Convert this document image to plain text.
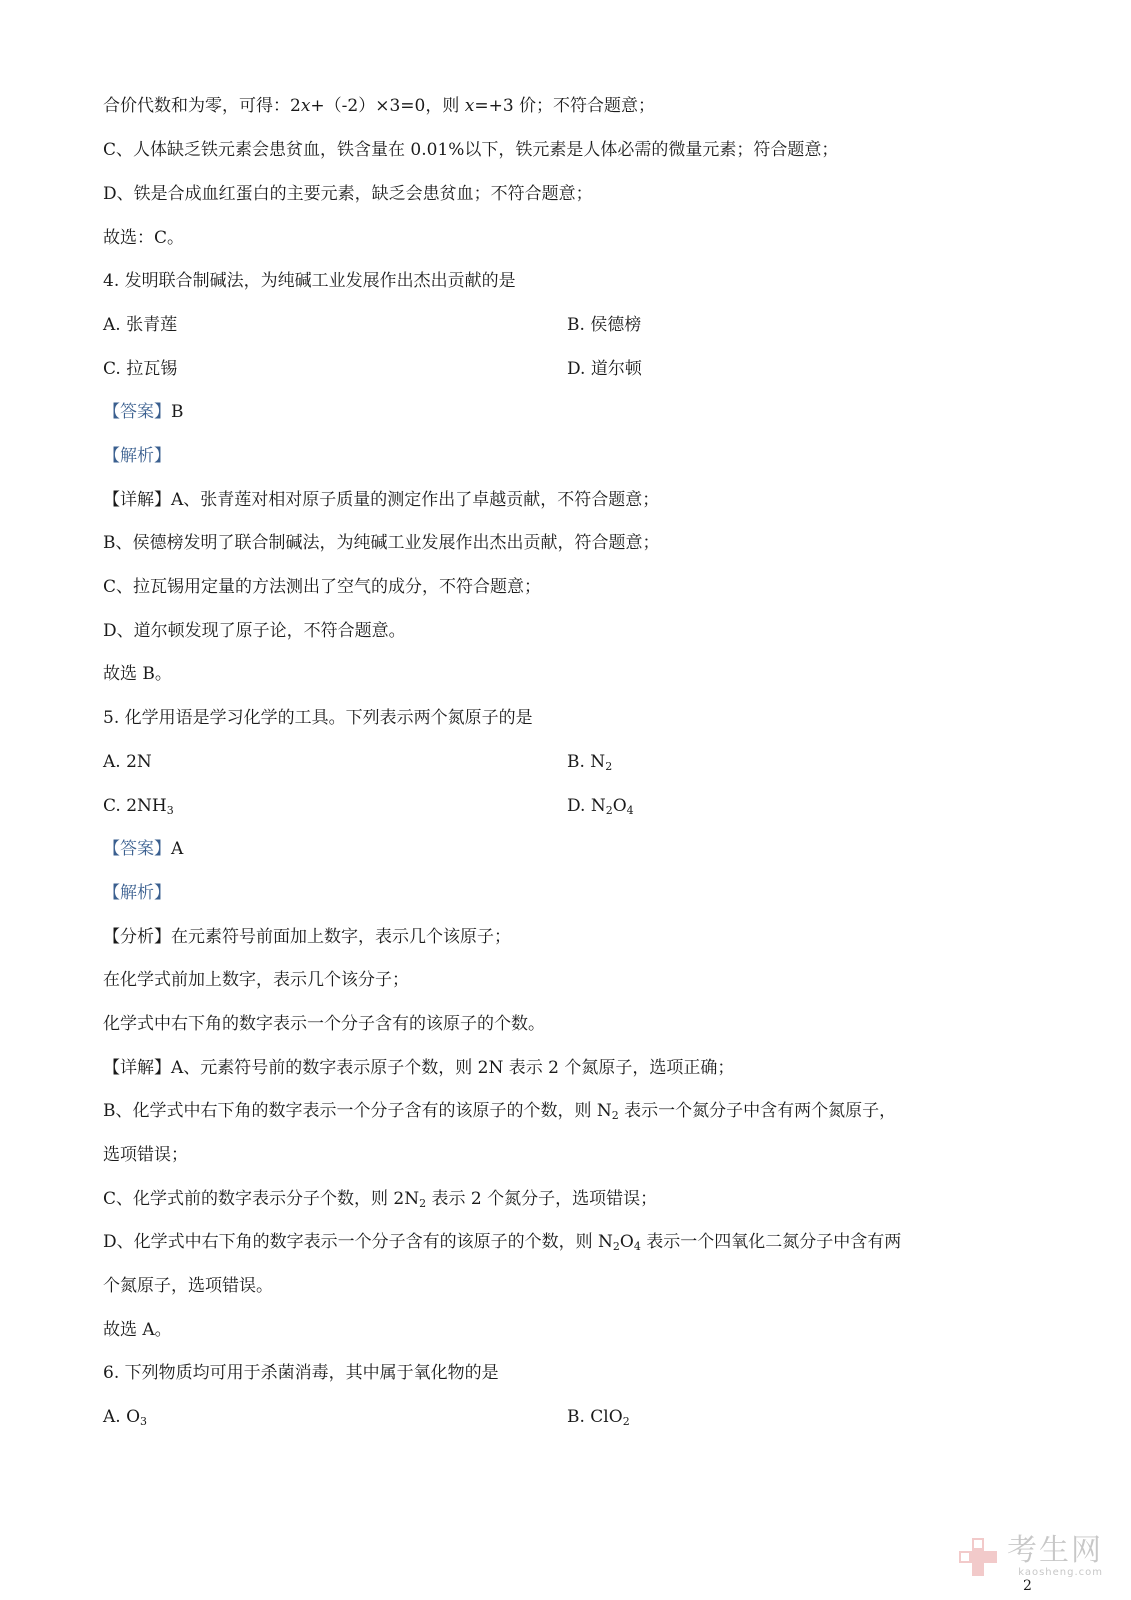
合价代数和为零，可得：2x+（-2）×3=0，则 x=+3 价；不符合题意；
C、人体缺乏铁元素会患贫血，铁含量在 0.01%以下，铁元素是人体必需的微量元素；符合题意；
D、铁是合成血红蛋白的主要元素，缺乏会患贫血；不符合题意；
故选：C。
4. 发明联合制碱法，为纯碱工业发展作出杰出贡献的是
A. 张青莲	B. 侯德榜
C. 拉瓦锡	D. 道尔顿
【答案】B
【解析】
【详解】A、张青莲对相对原子质量的测定作出了卓越贡献，不符合题意；
B、侯德榜发明了联合制碱法，为纯碱工业发展作出杰出贡献，符合题意；
C、拉瓦锡用定量的方法测出了空气的成分，不符合题意；
D、道尔顿发现了原子论，不符合题意。
故选 B。
5. 化学用语是学习化学的工具。下列表示两个氮原子的是
A. 2N	B. $N_2$
C. $2NH_3$	D. $N_2O_4$
【答案】A
【解析】
【分析】在元素符号前面加上数字，表示几个该原子；
在化学式前加上数字，表示几个该分子；
化学式中右下角的数字表示一个分子含有的该原子的个数。
【详解】A、元素符号前的数字表示原子个数，则 2N 表示 2 个氮原子，选项正确；
B、化学式中右下角的数字表示一个分子含有的该原子的个数，则 $N_2$ 表示一个氮分子中含有两个氮原子，
选项错误；
C、化学式前的数字表示分子个数，则 $2N_2$ 表示 2 个氮分子，选项错误；
D、化学式中右下角的数字表示一个分子含有的该原子的个数，则 $N_2O_4$ 表示一个四氧化二氮分子中含有两
个氮原子，选项错误。
故选 A。
6. 下列物质均可用于杀菌消毒，其中属于氧化物的是
A. $O_3$	B. ClO$_2$
考生网
kaosheng.com
2
